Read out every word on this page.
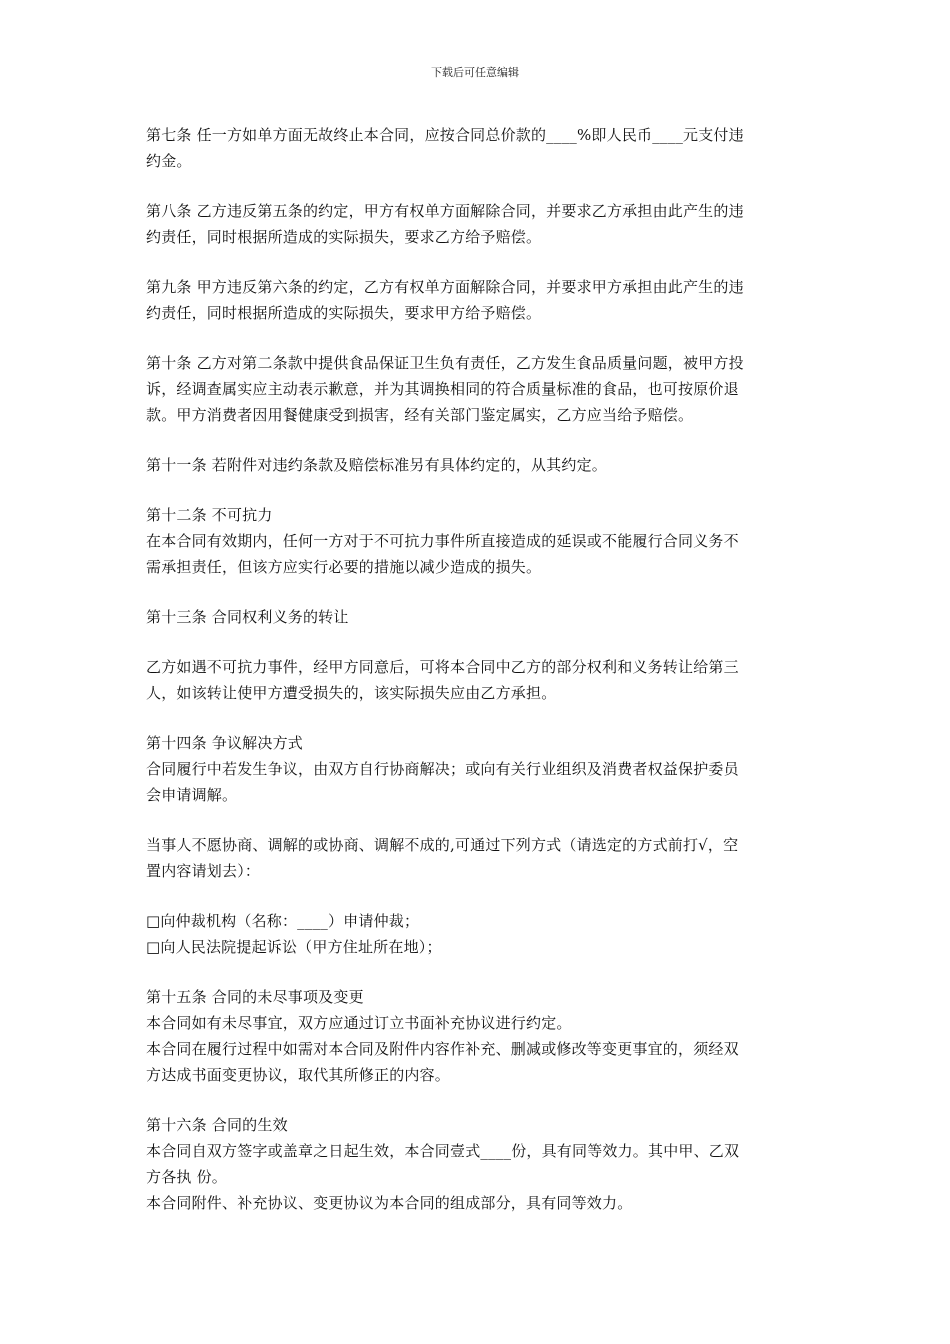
下载后可任意编辑
第七条 任一方如单方面无故终止本合同，应按合同总价款的____%即人民币____元支付违
约金。
第八条 乙方违反第五条的约定，甲方有权单方面解除合同，并要求乙方承担由此产生的违
约责任，同时根据所造成的实际损失，要求乙方给予赔偿。
第九条 甲方违反第六条的约定，乙方有权单方面解除合同，并要求甲方承担由此产生的违
约责任，同时根据所造成的实际损失，要求甲方给予赔偿。
第十条 乙方对第二条款中提供食品保证卫生负有责任，乙方发生食品质量问题，被甲方投
诉，经调查属实应主动表示歉意，并为其调换相同的符合质量标准的食品，也可按原价退
款。甲方消费者因用餐健康受到损害，经有关部门鉴定属实，乙方应当给予赔偿。
第十一条 若附件对违约条款及赔偿标准另有具体约定的，从其约定。
第十二条 不可抗力
在本合同有效期内，任何一方对于不可抗力事件所直接造成的延误或不能履行合同义务不
需承担责任，但该方应实行必要的措施以减少造成的损失。
第十三条 合同权利义务的转让
乙方如遇不可抗力事件，经甲方同意后，可将本合同中乙方的部分权利和义务转让给第三
人，如该转让使甲方遭受损失的，该实际损失应由乙方承担。
第十四条 争议解决方式
合同履行中若发生争议，由双方自行协商解决；或向有关行业组织及消费者权益保护委员
会申请调解。
当事人不愿协商、调解的或协商、调解不成的,可通过下列方式（请选定的方式前打√，空
置内容请划去）：
□向仲裁机构（名称：____）申请仲裁；
□向人民法院提起诉讼（甲方住址所在地）；
第十五条 合同的未尽事项及变更
本合同如有未尽事宜，双方应通过订立书面补充协议进行约定。
本合同在履行过程中如需对本合同及附件内容作补充、删减或修改等变更事宜的，须经双
方达成书面变更协议，取代其所修正的内容。
第十六条 合同的生效
本合同自双方签字或盖章之日起生效，本合同壹式____份，具有同等效力。其中甲、乙双
方各执 份。
本合同附件、补充协议、变更协议为本合同的组成部分，具有同等效力。
